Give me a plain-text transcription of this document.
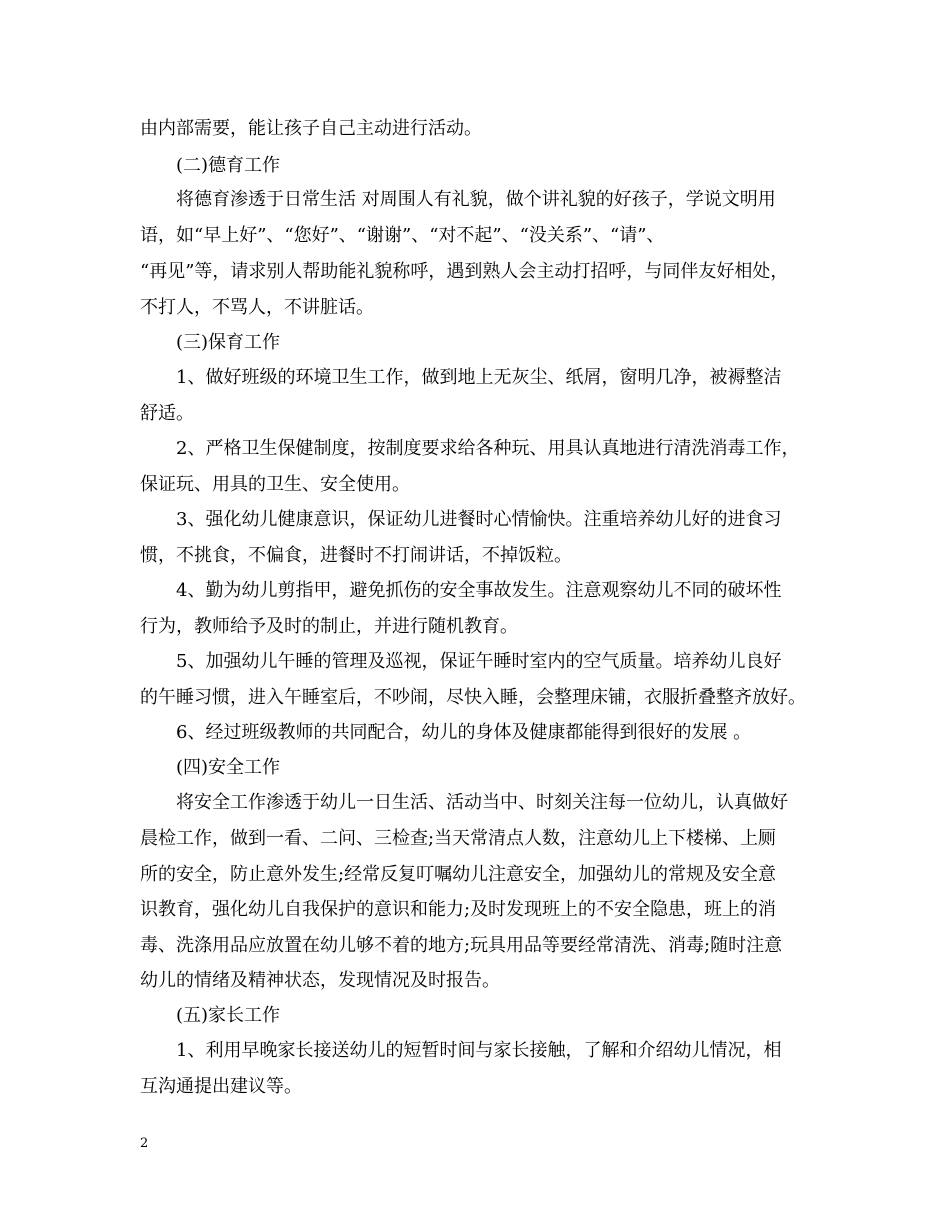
由内部需要，能让孩子自己主动进行活动。
(二)德育工作
将德育渗透于日常生活 对周围人有礼貌，做个讲礼貌的好孩子，学说文明用
语，如“早上好”、“您好”、“谢谢”、“对不起”、“没关系”、“请”、
“再见”等，请求别人帮助能礼貌称呼，遇到熟人会主动打招呼，与同伴友好相处，
不打人，不骂人，不讲脏话。
(三)保育工作
1、做好班级的环境卫生工作，做到地上无灰尘、纸屑，窗明几净，被褥整洁
舒适。
2、严格卫生保健制度，按制度要求给各种玩、用具认真地进行清洗消毒工作，
保证玩、用具的卫生、安全使用。
3、强化幼儿健康意识，保证幼儿进餐时心情愉快。注重培养幼儿好的进食习
惯，不挑食，不偏食，进餐时不打闹讲话，不掉饭粒。
4、勤为幼儿剪指甲，避免抓伤的安全事故发生。注意观察幼儿不同的破坏性
行为，教师给予及时的制止，并进行随机教育。
5、加强幼儿午睡的管理及巡视，保证午睡时室内的空气质量。培养幼儿良好
的午睡习惯，进入午睡室后，不吵闹，尽快入睡，会整理床铺，衣服折叠整齐放好。
6、经过班级教师的共同配合，幼儿的身体及健康都能得到很好的发展 。
(四)安全工作
将安全工作渗透于幼儿一日生活、活动当中、时刻关注每一位幼儿，认真做好
晨检工作，做到一看、二问、三检查;当天常清点人数，注意幼儿上下楼梯、上厕
所的安全，防止意外发生;经常反复叮嘱幼儿注意安全，加强幼儿的常规及安全意
识教育，强化幼儿自我保护的意识和能力;及时发现班上的不安全隐患，班上的消
毒、洗涤用品应放置在幼儿够不着的地方;玩具用品等要经常清洗、消毒;随时注意
幼儿的情绪及精神状态，发现情况及时报告。
(五)家长工作
1、利用早晚家长接送幼儿的短暂时间与家长接触，了解和介绍幼儿情况，相
互沟通提出建议等。
2
